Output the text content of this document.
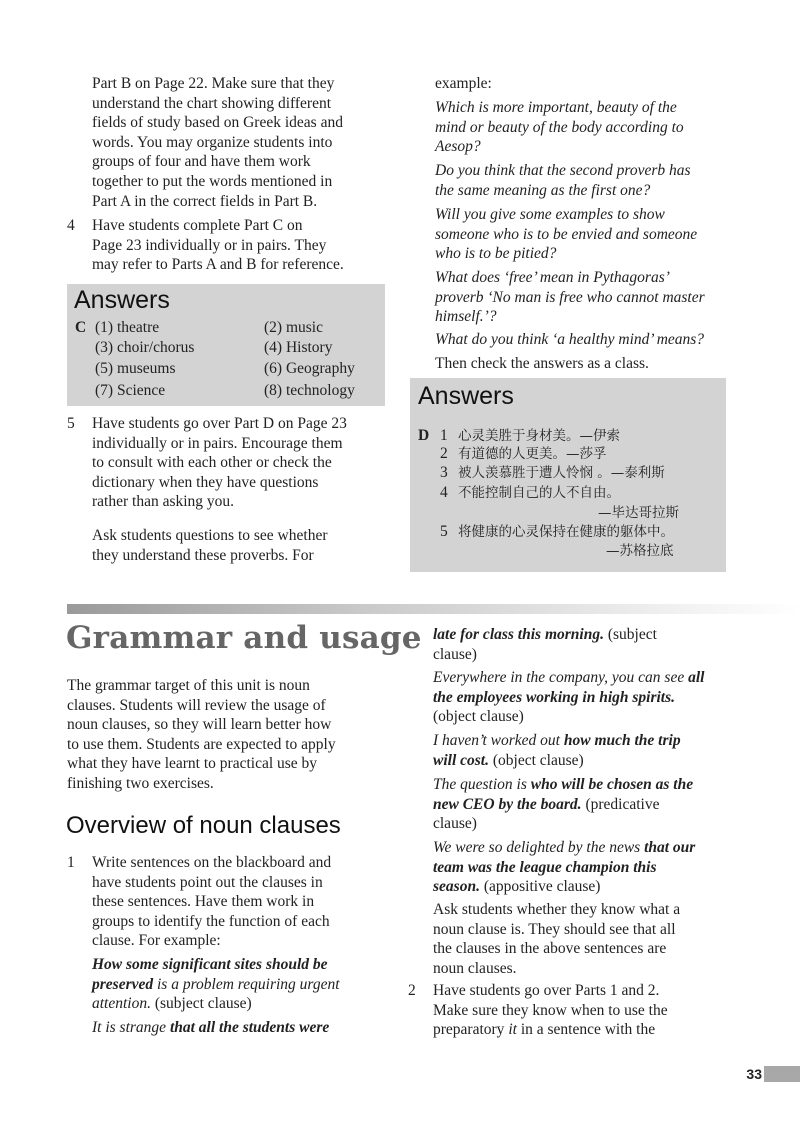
Part B on Page 22. Make sure that they
understand the chart showing different
fields of study based on Greek ideas and
words. You may organize students into
groups of four and have them work
together to put the words mentioned in
Part A in the correct fields in Part B.
4	Have students complete Part C on
Page 23 individually or in pairs. They
may refer to Parts A and B for reference.
Answers
C (1) theatre	(2) music
(3) choir/chorus	(4) History
(5) museums	(6) Geography
(7) Science	(8) technology
5	Have students go over Part D on Page 23
individually or in pairs. Encourage them
to consult with each other or check the
dictionary when they have questions
rather than asking you.
Ask students questions to see whether
they understand these proverbs. For
example:
Which is more important, beauty of the
mind or beauty of the body according to
Aesop?
Do you think that the second proverb has
the same meaning as the first one?
Will you give some examples to show
someone who is to be envied and someone
who is to be pitied?
What does ‘free’ mean in Pythagoras’
proverb ‘No man is free who cannot master
himself.’?
What do you think ‘a healthy mind’ means?
Then check the answers as a class.
Answers
D 1 心灵美胜于身材美。—伊索
2 有道德的人更美。—莎孚
3 被人羡慕胜于遭人怜悯 。—泰利斯
4 不能控制自己的人不自由。
—毕达哥拉斯
5 将健康的心灵保持在健康的躯体中。
—苏格拉底
Grammar and usage
The grammar target of this unit is noun
clauses. Students will review the usage of
noun clauses, so they will learn better how
to use them. Students are expected to apply
what they have learnt to practical use by
finishing two exercises.
Overview of noun clauses
1	Write sentences on the blackboard and
have students point out the clauses in
these sentences. Have them work in
groups to identify the function of each
clause. For example:
How some significant sites should be
preserved is a problem requiring urgent
attention. (subject clause)
It is strange that all the students were
late for class this morning. (subject
clause)
Everywhere in the company, you can see all
the employees working in high spirits.
(object clause)
I haven’t worked out how much the trip
will cost. (object clause)
The question is who will be chosen as the
new CEO by the board. (predicative
clause)
We were so delighted by the news that our
team was the league champion this
season. (appositive clause)
Ask students whether they know what a
noun clause is. They should see that all
the clauses in the above sentences are
noun clauses.
2	Have students go over Parts 1 and 2.
Make sure they know when to use the
preparatory it in a sentence with the
33
